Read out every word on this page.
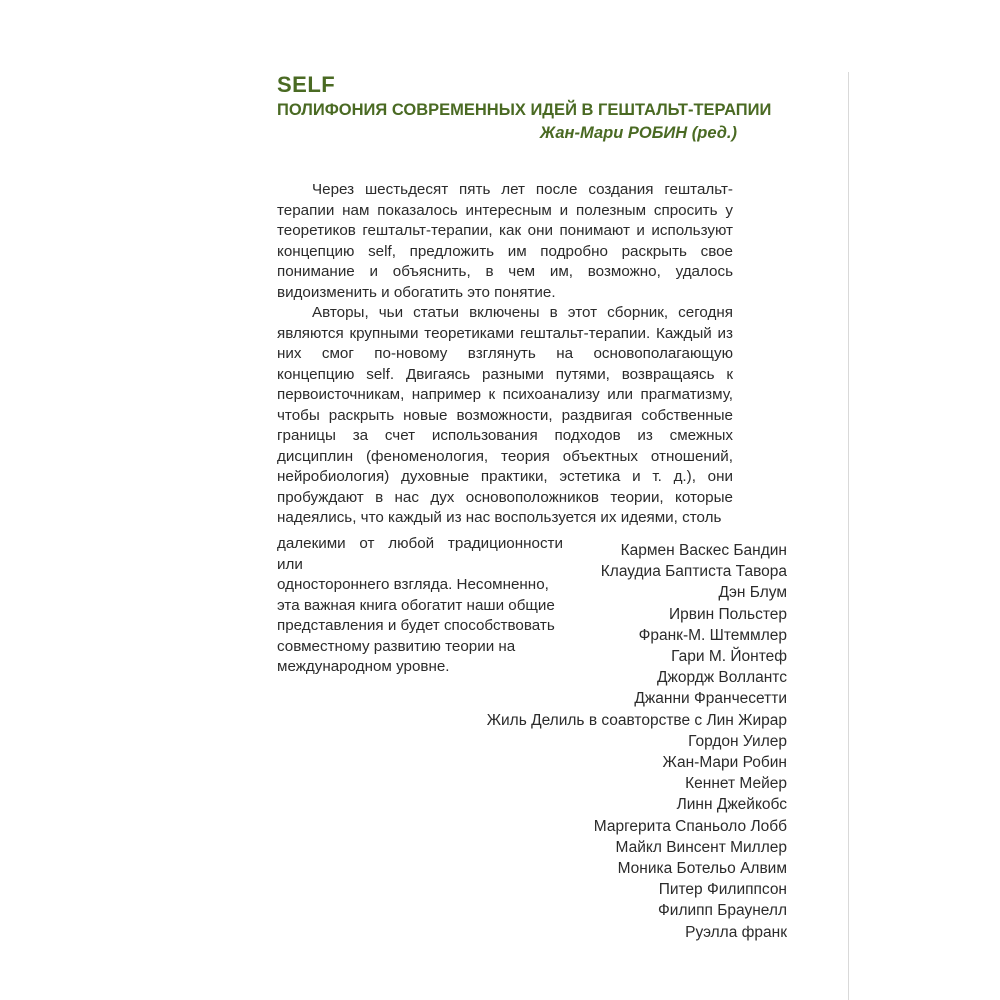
SELF
ПОЛИФОНИЯ СОВРЕМЕННЫХ ИДЕЙ В ГЕШТАЛЬТ-ТЕРАПИИ
Жан-Мари РОБИН (ред.)

Через шестьдесят пять лет после создания гештальт-терапии нам показалось интересным и полезным спросить у теоретиков гештальт-терапии, как они понимают и используют концепцию self, предложить им подробно раскрыть свое понимание и объяснить, в чем им, возможно, удалось видоизменить и обогатить это понятие.

Авторы, чьи статьи включены в этот сборник, сегодня являются крупными теоретиками гештальт-терапии. Каждый из них смог по-новому взглянуть на основополагающую концепцию self. Двигаясь разными путями, возвращаясь к первоисточникам, например к психоанализу или прагматизму, чтобы раскрыть новые возможности, раздвигая собственные границы за счет использования подходов из смежных дисциплин (феноменология, теория объектных отношений, нейробиология) духовные практики, эстетика и т. д.), они пробуждают в нас дух основоположников теории, которые надеялись, что каждый из нас воспользуется их идеями, столь

далекими от любой традиционности или
одностороннего взгляда. Несомненно,
эта важная книга обогатит наши общие
представления и будет способствовать
совместному развитию теории на
международном уровне.
Кармен Васкес Бандин
Клаудиа Баптиста Тавора
Дэн Блум
Ирвин Польстер
Франк-М. Штеммлер
Гари М. Йонтеф
Джордж Воллантс
Джанни Франчесетти
Жиль Делиль в соавторстве с Лин Жирар
Гордон Уилер
Жан-Мари Робин
Кеннет Мейер
Линн Джейкобс
Маргерита Спаньоло Лобб
Майкл Винсент Миллер
Моника Ботельо Алвим
Питер Филиппсон
Филипп Браунелл
Руэлла франк
